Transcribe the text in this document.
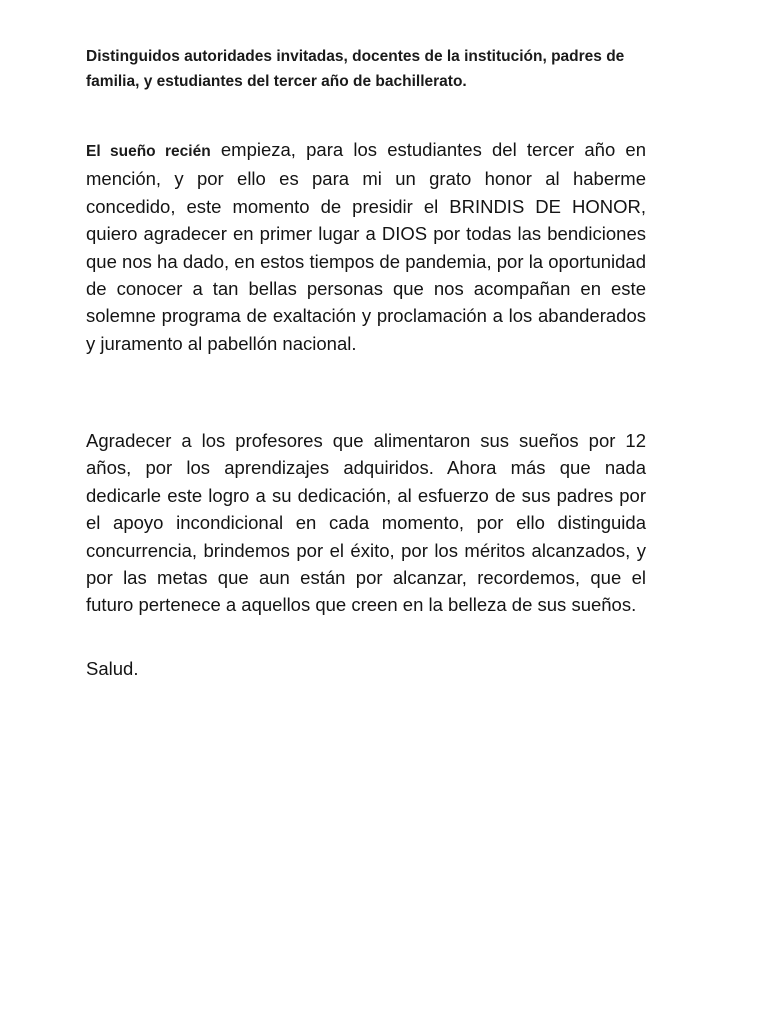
Distinguidos autoridades invitadas, docentes de la institución, padres de familia, y estudiantes del tercer año de bachillerato.
El sueño recién empieza, para los estudiantes del tercer año en mención, y por ello es para mi un grato honor al haberme concedido, este momento de presidir el BRINDIS DE HONOR, quiero agradecer en primer lugar a DIOS por todas las bendiciones que nos ha dado, en estos tiempos de pandemia, por la oportunidad de conocer a tan bellas personas que nos acompañan en este solemne programa de exaltación y proclamación a los abanderados y juramento al pabellón nacional.
Agradecer a los profesores que alimentaron sus sueños por 12 años, por los aprendizajes adquiridos. Ahora más que nada dedicarle este logro a su dedicación, al esfuerzo de sus padres por el apoyo incondicional en cada momento, por ello distinguida concurrencia, brindemos por el éxito, por los méritos alcanzados, y por las metas que aun están por alcanzar, recordemos, que el futuro pertenece a aquellos que creen en la belleza de sus sueños.
Salud.
